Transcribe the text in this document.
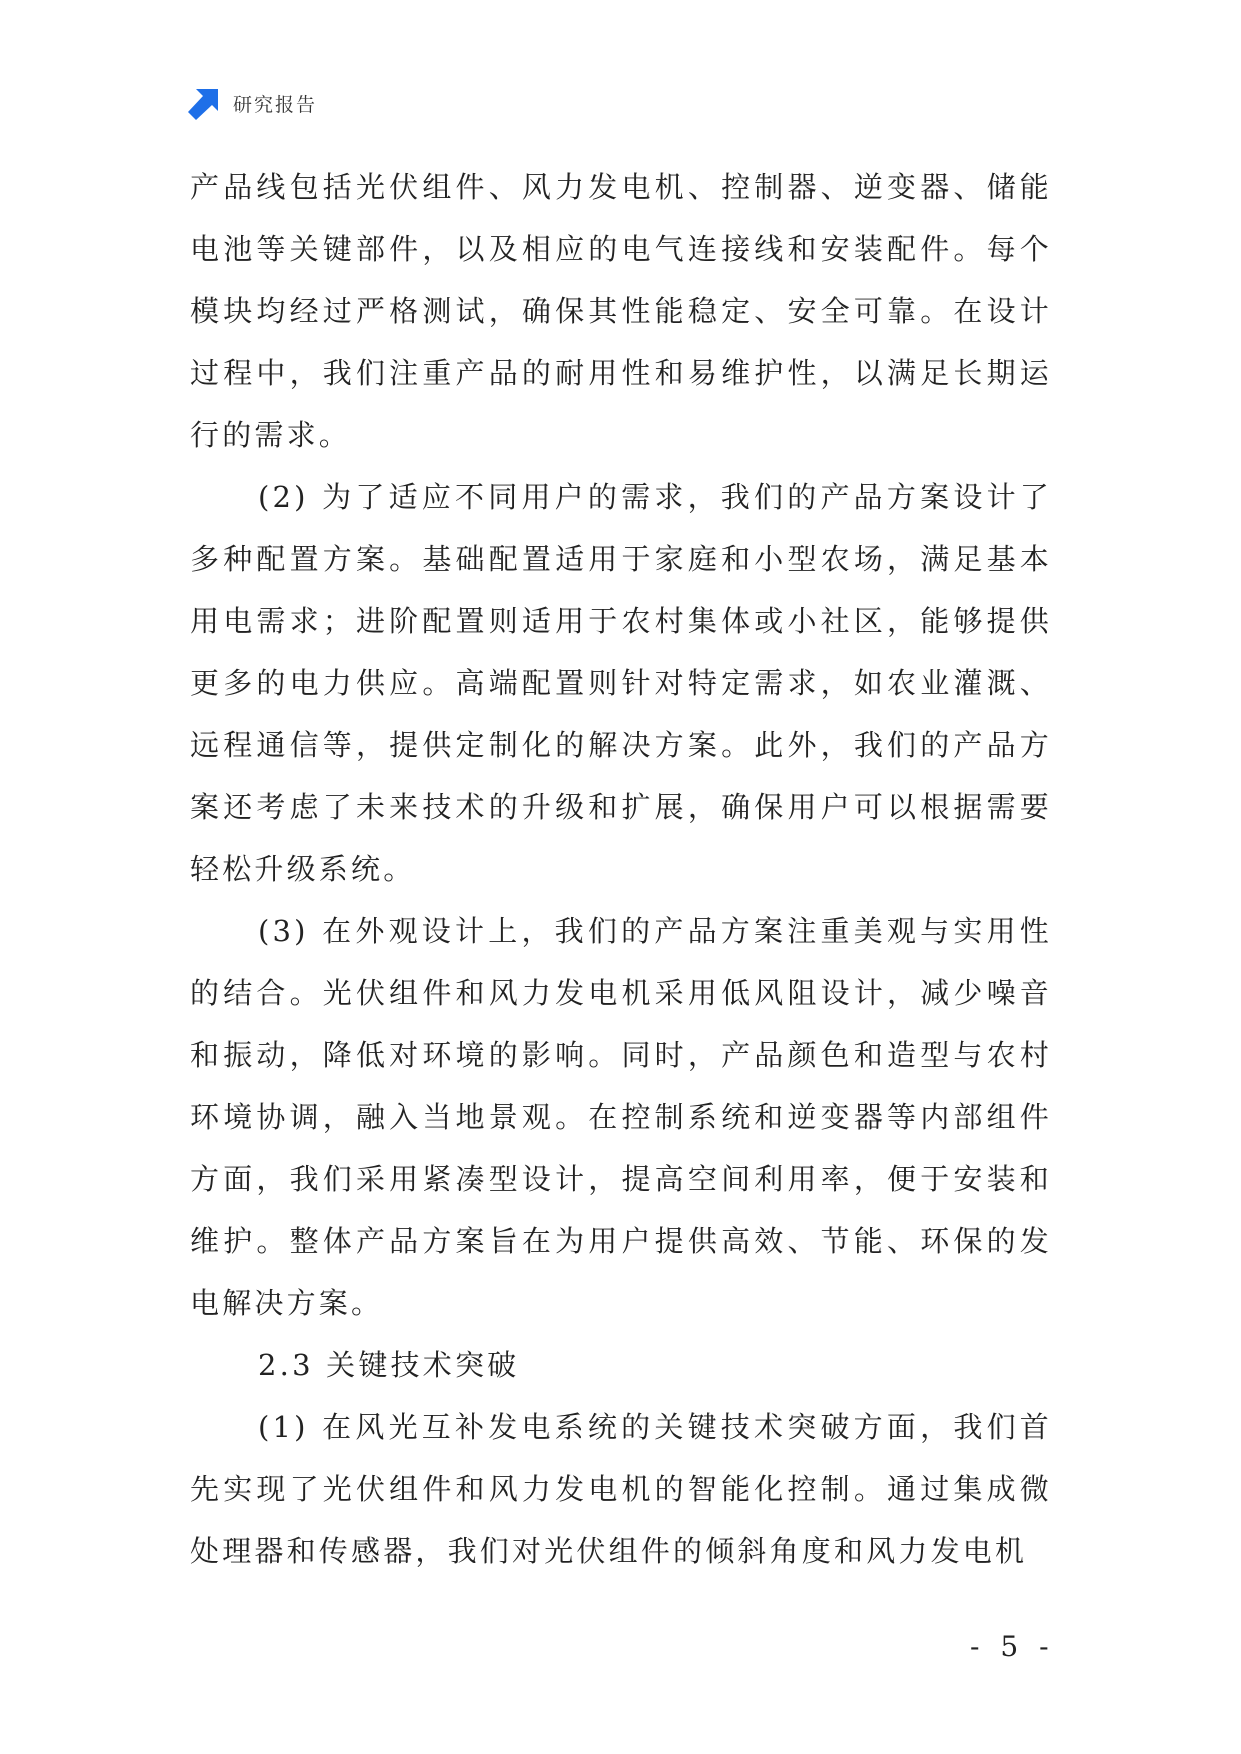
研究报告

产品线包括光伏组件、风力发电机、控制器、逆变器、储能电池等关键部件，以及相应的电气连接线和安装配件。每个模块均经过严格测试，确保其性能稳定、安全可靠。在设计过程中，我们注重产品的耐用性和易维护性，以满足长期运行的需求。

(2) 为了适应不同用户的需求，我们的产品方案设计了多种配置方案。基础配置适用于家庭和小型农场，满足基本用电需求；进阶配置则适用于农村集体或小社区，能够提供更多的电力供应。高端配置则针对特定需求，如农业灌溉、远程通信等，提供定制化的解决方案。此外，我们的产品方案还考虑了未来技术的升级和扩展，确保用户可以根据需要轻松升级系统。

(3) 在外观设计上，我们的产品方案注重美观与实用性的结合。光伏组件和风力发电机采用低风阻设计，减少噪音和振动，降低对环境的影响。同时，产品颜色和造型与农村环境协调，融入当地景观。在控制系统和逆变器等内部组件方面，我们采用紧凑型设计，提高空间利用率，便于安装和维护。整体产品方案旨在为用户提供高效、节能、环保的发电解决方案。

2.3 关键技术突破

(1) 在风光互补发电系统的关键技术突破方面，我们首先实现了光伏组件和风力发电机的智能化控制。通过集成微处理器和传感器，我们对光伏组件的倾斜角度和风力发电机

- 5 -
